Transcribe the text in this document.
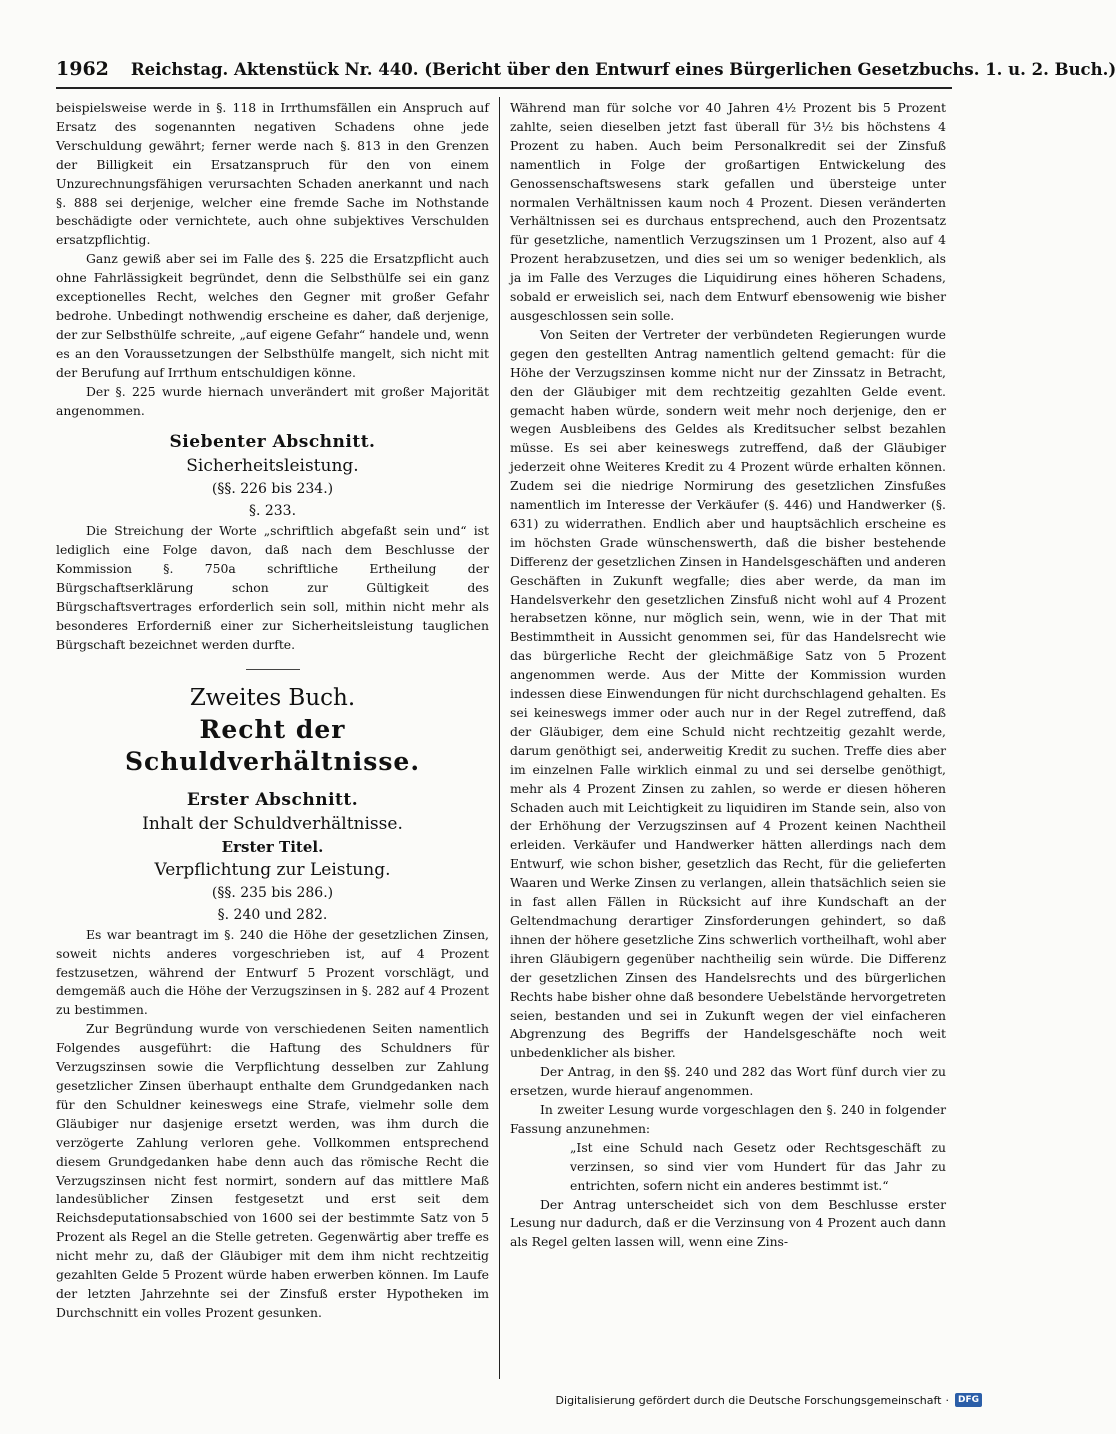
1962 Reichstag. Aktenstück Nr. 440. (Bericht über den Entwurf eines Bürgerlichen Gesetzbuchs. 1. u. 2. Buch.)

beispielsweise werde in §. 118 in Irrthumsfällen ein Anspruch auf Ersatz des sogenannten negativen Schadens ohne jede Verschuldung gewährt; ferner werde nach §. 813 in den Grenzen der Billigkeit ein Ersatzanspruch für den von einem Unzurechnungsfähigen verursachten Schaden anerkannt und nach §. 888 sei derjenige, welcher eine fremde Sache im Nothstande beschädigte oder vernichtete, auch ohne subjektives Verschulden ersatzpflichtig.

Ganz gewiß aber sei im Falle des §. 225 die Ersatzpflicht auch ohne Fahrlässigkeit begründet, denn die Selbsthülfe sei ein ganz exceptionelles Recht, welches den Gegner mit großer Gefahr bedrohe. Unbedingt nothwendig erscheine es daher, daß derjenige, der zur Selbsthülfe schreite, „auf eigene Gefahr“ handele und, wenn es an den Voraussetzungen der Selbsthülfe mangelt, sich nicht mit der Berufung auf Irrthum entschuldigen könne.

Der §. 225 wurde hiernach unverändert mit großer Majorität angenommen.

Siebenter Abschnitt.
Sicherheitsleistung.
(§§. 226 bis 234.)
§. 233.

Die Streichung der Worte „schriftlich abgefaßt sein und“ ist lediglich eine Folge davon, daß nach dem Beschlusse der Kommission §. 750a schriftliche Ertheilung der Bürgschaftserklärung schon zur Gültigkeit des Bürgschaftsvertrages erforderlich sein soll, mithin nicht mehr als besonderes Erforderniß einer zur Sicherheitsleistung tauglichen Bürgschaft bezeichnet werden durfte.

Zweites Buch.
Recht der Schuldverhältnisse.
Erster Abschnitt.
Inhalt der Schuldverhältnisse.
Erster Titel.
Verpflichtung zur Leistung.
(§§. 235 bis 286.)
§. 240 und 282.

Es war beantragt im §. 240 die Höhe der gesetzlichen Zinsen, soweit nichts anderes vorgeschrieben ist, auf 4 Prozent festzusetzen, während der Entwurf 5 Prozent vorschlägt, und demgemäß auch die Höhe der Verzugszinsen in §. 282 auf 4 Prozent zu bestimmen.

Zur Begründung wurde von verschiedenen Seiten namentlich Folgendes ausgeführt: die Haftung des Schuldners für Verzugszinsen sowie die Verpflichtung desselben zur Zahlung gesetzlicher Zinsen überhaupt enthalte dem Grundgedanken nach für den Schuldner keineswegs eine Strafe, vielmehr solle dem Gläubiger nur dasjenige ersetzt werden, was ihm durch die verzögerte Zahlung verloren gehe. Vollkommen entsprechend diesem Grundgedanken habe denn auch das römische Recht die Verzugszinsen nicht fest normirt, sondern auf das mittlere Maß landesüblicher Zinsen festgesetzt und erst seit dem Reichsdeputationsabschied von 1600 sei der bestimmte Satz von 5 Prozent als Regel an die Stelle getreten. Gegenwärtig aber treffe es nicht mehr zu, daß der Gläubiger mit dem ihm nicht rechtzeitig gezahlten Gelde 5 Prozent würde haben erwerben können. Im Laufe der letzten Jahrzehnte sei der Zinsfuß erster Hypotheken im Durchschnitt ein volles Prozent gesunken.

Während man für solche vor 40 Jahren 4½ Prozent bis 5 Prozent zahlte, seien dieselben jetzt fast überall für 3½ bis höchstens 4 Prozent zu haben. Auch beim Personalkredit sei der Zinsfuß namentlich in Folge der großartigen Entwickelung des Genossenschaftswesens stark gefallen und übersteige unter normalen Verhältnissen kaum noch 4 Prozent. Diesen veränderten Verhältnissen sei es durchaus entsprechend, auch den Prozentsatz für gesetzliche, namentlich Verzugszinsen um 1 Prozent, also auf 4 Prozent herabzusetzen, und dies sei um so weniger bedenklich, als ja im Falle des Verzuges die Liquidirung eines höheren Schadens, sobald er erweislich sei, nach dem Entwurf ebensowenig wie bisher ausgeschlossen sein solle.

Von Seiten der Vertreter der verbündeten Regierungen wurde gegen den gestellten Antrag namentlich geltend gemacht: für die Höhe der Verzugszinsen komme nicht nur der Zinssatz in Betracht, den der Gläubiger mit dem rechtzeitig gezahlten Gelde event. gemacht haben würde, sondern weit mehr noch derjenige, den er wegen Ausbleibens des Geldes als Kreditsucher selbst bezahlen müsse. Es sei aber keineswegs zutreffend, daß der Gläubiger jederzeit ohne Weiteres Kredit zu 4 Prozent würde erhalten können. Zudem sei die niedrige Normirung des gesetzlichen Zinsfußes namentlich im Interesse der Verkäufer (§. 446) und Handwerker (§. 631) zu widerrathen. Endlich aber und hauptsächlich erscheine es im höchsten Grade wünschenswerth, daß die bisher bestehende Differenz der gesetzlichen Zinsen in Handelsgeschäften und anderen Geschäften in Zukunft wegfalle; dies aber werde, da man im Handelsverkehr den gesetzlichen Zinsfuß nicht wohl auf 4 Prozent herabsetzen könne, nur möglich sein, wenn, wie in der That mit Bestimmtheit in Aussicht genommen sei, für das Handelsrecht wie das bürgerliche Recht der gleichmäßige Satz von 5 Prozent angenommen werde. Aus der Mitte der Kommission wurden indessen diese Einwendungen für nicht durchschlagend gehalten. Es sei keineswegs immer oder auch nur in der Regel zutreffend, daß der Gläubiger, dem eine Schuld nicht rechtzeitig gezahlt werde, darum genöthigt sei, anderweitig Kredit zu suchen. Treffe dies aber im einzelnen Falle wirklich einmal zu und sei derselbe genöthigt, mehr als 4 Prozent Zinsen zu zahlen, so werde er diesen höheren Schaden auch mit Leichtigkeit zu liquidiren im Stande sein, also von der Erhöhung der Verzugszinsen auf 4 Prozent keinen Nachtheil erleiden. Verkäufer und Handwerker hätten allerdings nach dem Entwurf, wie schon bisher, gesetzlich das Recht, für die gelieferten Waaren und Werke Zinsen zu verlangen, allein thatsächlich seien sie in fast allen Fällen in Rücksicht auf ihre Kundschaft an der Geltendmachung derartiger Zinsforderungen gehindert, so daß ihnen der höhere gesetzliche Zins schwerlich vortheilhaft, wohl aber ihren Gläubigern gegenüber nachtheilig sein würde. Die Differenz der gesetzlichen Zinsen des Handelsrechts und des bürgerlichen Rechts habe bisher ohne daß besondere Uebelstände hervorgetreten seien, bestanden und sei in Zukunft wegen der viel einfacheren Abgrenzung des Begriffs der Handelsgeschäfte noch weit unbedenklicher als bisher.

Der Antrag, in den §§. 240 und 282 das Wort fünf durch vier zu ersetzen, wurde hierauf angenommen.

In zweiter Lesung wurde vorgeschlagen den §. 240 in folgender Fassung anzunehmen:

„Ist eine Schuld nach Gesetz oder Rechtsgeschäft zu verzinsen, so sind vier vom Hundert für das Jahr zu entrichten, sofern nicht ein anderes bestimmt ist.“

Der Antrag unterscheidet sich von dem Beschlusse erster Lesung nur dadurch, daß er die Verzinsung von 4 Prozent auch dann als Regel gelten lassen will, wenn eine Zins-

Digitalisierung gefördert durch die Deutsche Forschungsgemeinschaft ·	DFG
